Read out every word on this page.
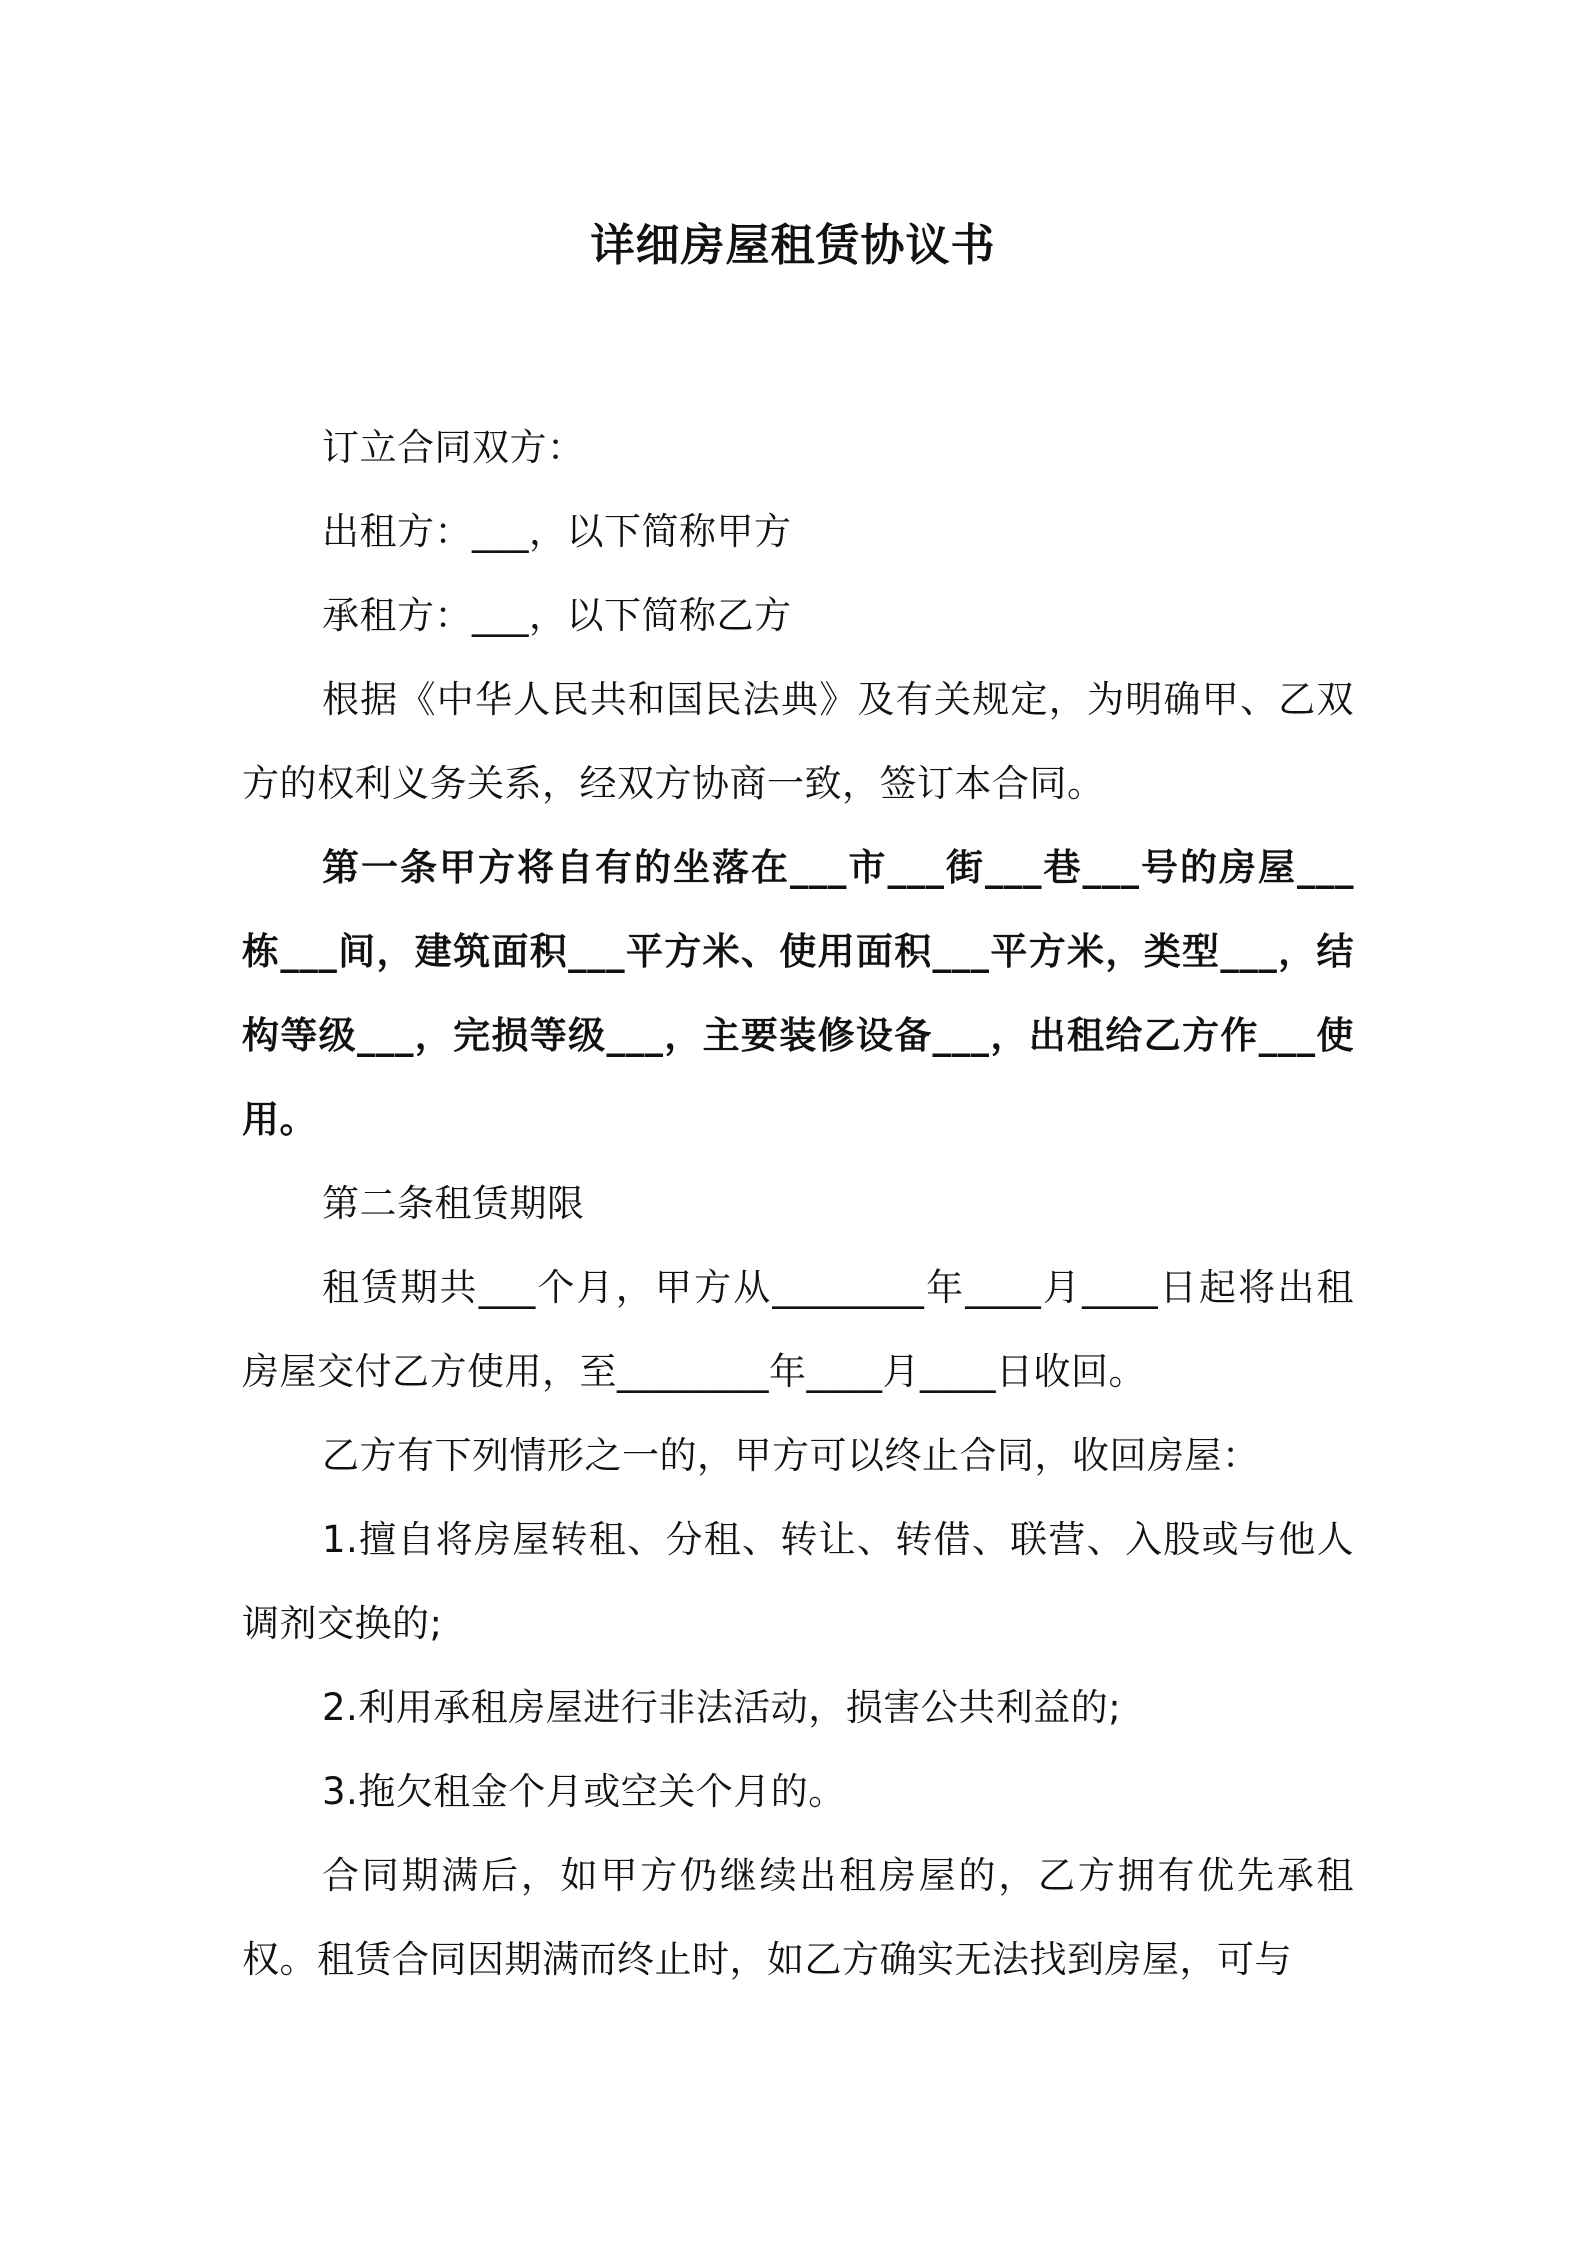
详细房屋租赁协议书

订立合同双方：

出租方：___，以下简称甲方

承租方：___，以下简称乙方

根据《中华人民共和国民法典》及有关规定，为明确甲、乙双方的权利义务关系，经双方协商一致，签订本合同。

第一条甲方将自有的坐落在___市___街___巷___号的房屋___栋___间，建筑面积___平方米、使用面积___平方米，类型___，结构等级___，完损等级___，主要装修设备___，出租给乙方作___使用。

第二条租赁期限

租赁期共___个月，甲方从________年____月____日起将出租房屋交付乙方使用，至________年____月____日收回。

乙方有下列情形之一的，甲方可以终止合同，收回房屋：

1.擅自将房屋转租、分租、转让、转借、联营、入股或与他人调剂交换的;

2.利用承租房屋进行非法活动，损害公共利益的;

3.拖欠租金个月或空关个月的。

合同期满后，如甲方仍继续出租房屋的，乙方拥有优先承租权。租赁合同因期满而终止时，如乙方确实无法找到房屋，可与
